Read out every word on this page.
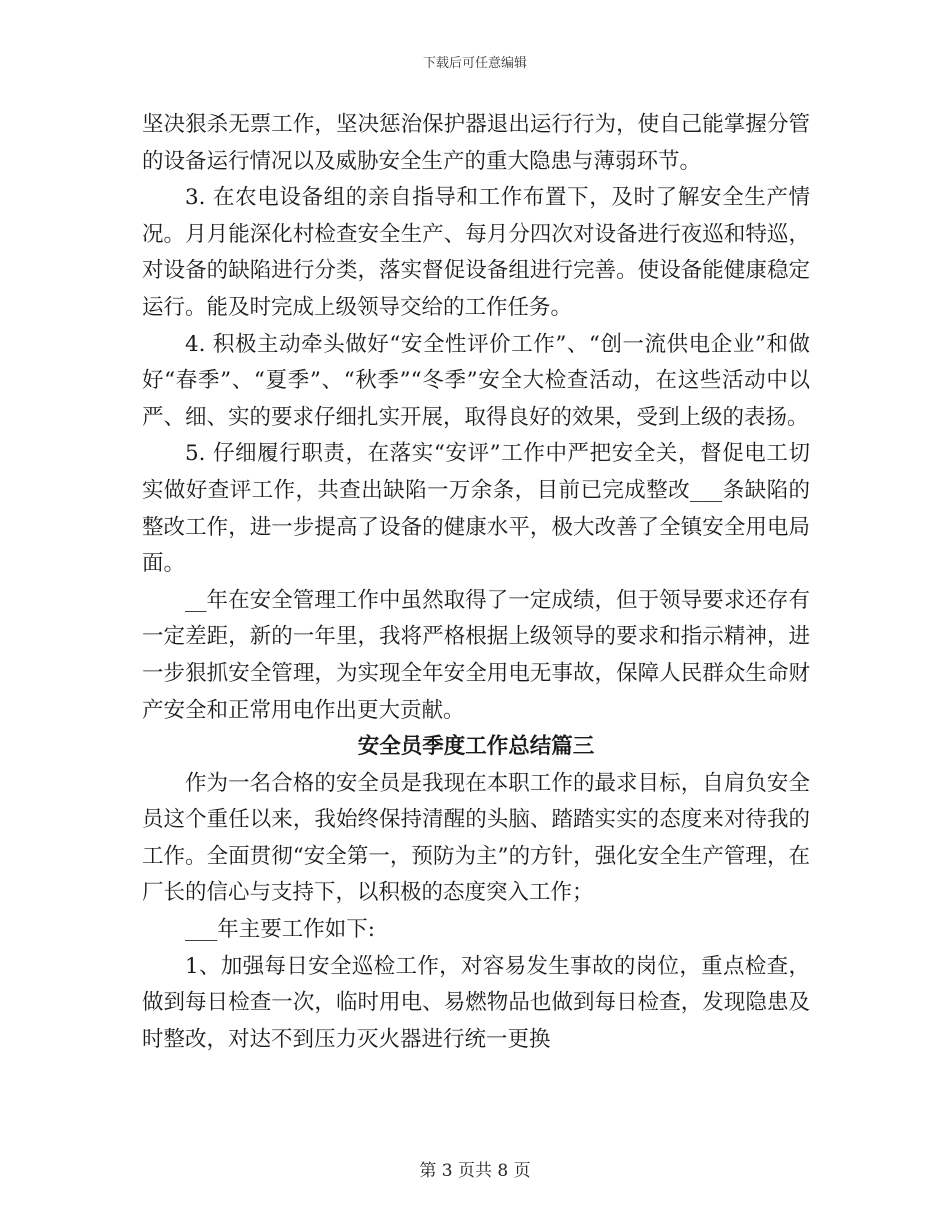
下载后可任意编辑

坚决狠杀无票工作，坚决惩治保护器退出运行行为，使自己能掌握分管的设备运行情况以及威胁安全生产的重大隐患与薄弱环节。

3. 在农电设备组的亲自指导和工作布置下，及时了解安全生产情况。月月能深化村检查安全生产、每月分四次对设备进行夜巡和特巡，对设备的缺陷进行分类，落实督促设备组进行完善。使设备能健康稳定运行。能及时完成上级领导交给的工作任务。

4. 积极主动牵头做好“安全性评价工作”、“创一流供电企业”和做好“春季”、“夏季”、“秋季”“冬季”安全大检查活动，在这些活动中以严、细、实的要求仔细扎实开展，取得良好的效果，受到上级的表扬。

5. 仔细履行职责，在落实“安评”工作中严把安全关，督促电工切实做好查评工作，共查出缺陷一万余条，目前已完成整改___条缺陷的整改工作，进一步提高了设备的健康水平，极大改善了全镇安全用电局面。

__年在安全管理工作中虽然取得了一定成绩，但于领导要求还存有一定差距，新的一年里，我将严格根据上级领导的要求和指示精神，进一步狠抓安全管理，为实现全年安全用电无事故，保障人民群众生命财产安全和正常用电作出更大贡献。

安全员季度工作总结篇三

作为一名合格的安全员是我现在本职工作的最求目标，自肩负安全员这个重任以来，我始终保持清醒的头脑、踏踏实实的态度来对待我的工作。全面贯彻“安全第一，预防为主”的方针，强化安全生产管理，在厂长的信心与支持下，以积极的态度突入工作；

___年主要工作如下:

1、加强每日安全巡检工作，对容易发生事故的岗位，重点检查，做到每日检查一次，临时用电、易燃物品也做到每日检查，发现隐患及时整改，对达不到压力灭火器进行统一更换

第 3 页共 8 页
